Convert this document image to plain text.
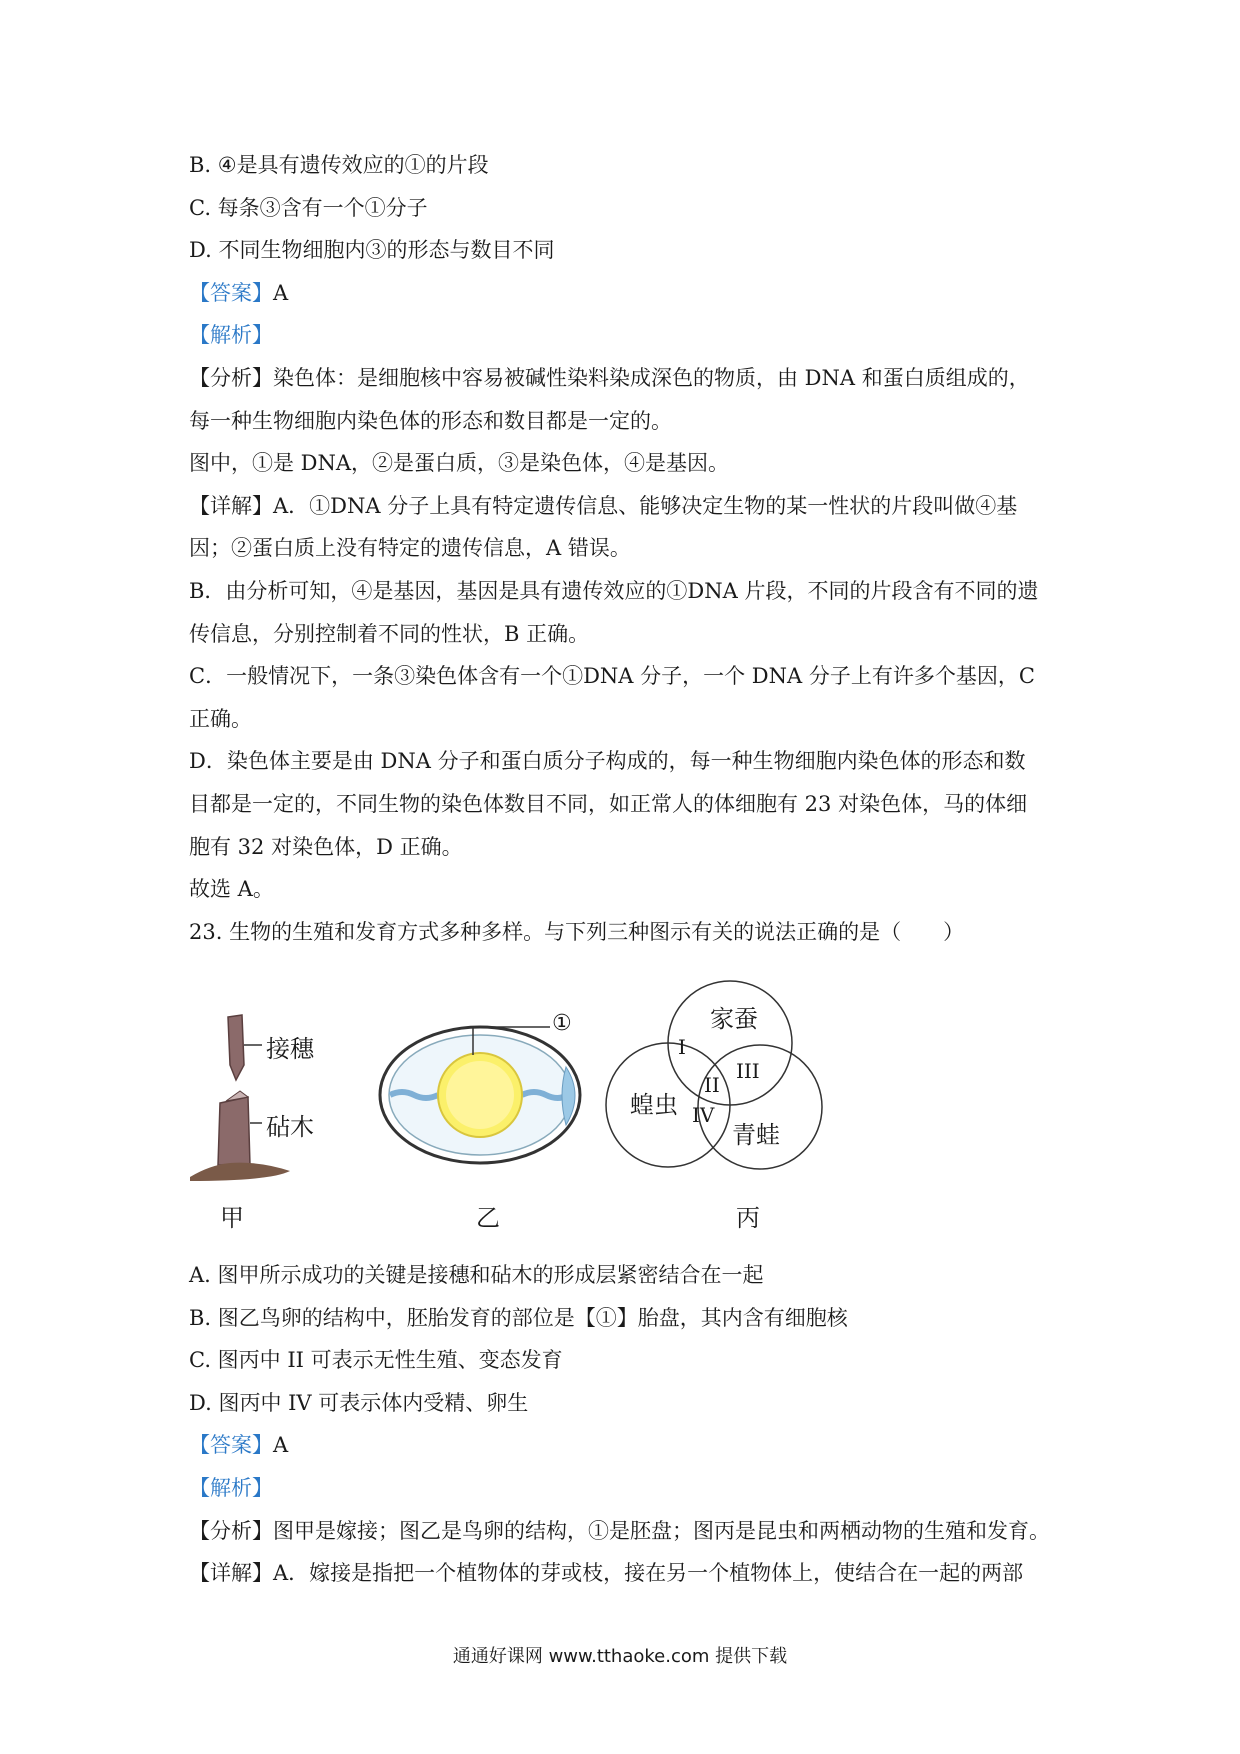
B. ④是具有遗传效应的①的片段
C. 每条③含有一个①分子
D. 不同生物细胞内③的形态与数目不同
【答案】A
【解析】
【分析】染色体：是细胞核中容易被碱性染料染成深色的物质，由 DNA 和蛋白质组成的，
每一种生物细胞内染色体的形态和数目都是一定的。
图中，①是 DNA，②是蛋白质，③是染色体，④是基因。
【详解】A．①DNA 分子上具有特定遗传信息、能够决定生物的某一性状的片段叫做④基
因；②蛋白质上没有特定的遗传信息，A 错误。
B．由分析可知，④是基因，基因是具有遗传效应的①DNA 片段，不同的片段含有不同的遗
传信息，分别控制着不同的性状，B 正确。
C．一般情况下，一条③染色体含有一个①DNA 分子，一个 DNA 分子上有许多个基因，C
正确。
D．染色体主要是由 DNA 分子和蛋白质分子构成的，每一种生物细胞内染色体的形态和数
目都是一定的，不同生物的染色体数目不同，如正常人的体细胞有 23 对染色体，马的体细
胞有 32 对染色体，D 正确。
故选 A。
23. 生物的生殖和发育方式多种多样。与下列三种图示有关的说法正确的是（　　）
接穗
砧木
甲
①
乙
家蚕
蝗虫
青蛙
I
II
III
IV
丙
A. 图甲所示成功的关键是接穗和砧木的形成层紧密结合在一起
B. 图乙鸟卵的结构中，胚胎发育的部位是【①】胎盘，其内含有细胞核
C. 图丙中 II 可表示无性生殖、变态发育
D. 图丙中 IV 可表示体内受精、卵生
【答案】A
【解析】
【分析】图甲是嫁接；图乙是鸟卵的结构，①是胚盘；图丙是昆虫和两栖动物的生殖和发育。
【详解】A．嫁接是指把一个植物体的芽或枝，接在另一个植物体上，使结合在一起的两部
通通好课网 www.tthaoke.com 提供下载
